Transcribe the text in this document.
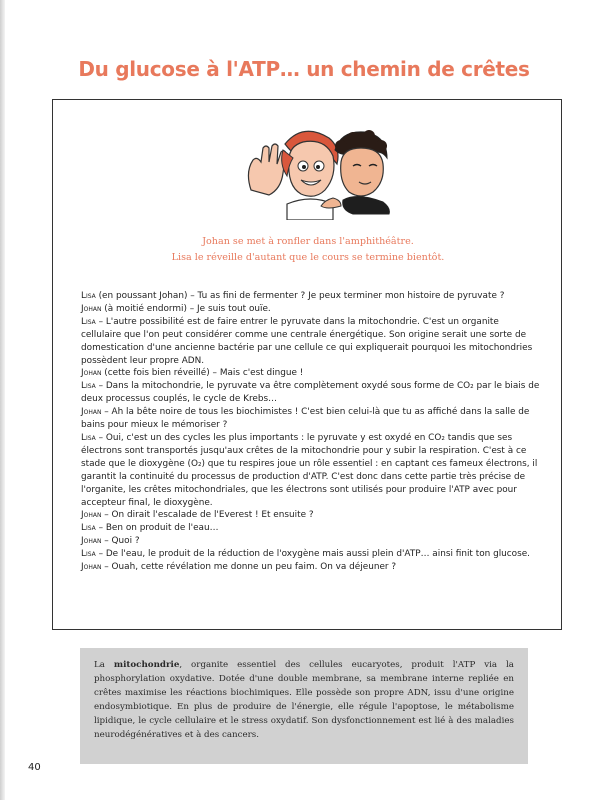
Du glucose à l'ATP… un chemin de crêtes
Johan se met à ronfler dans l'amphithéâtre.
Lisa le réveille d'autant que le cours se termine bientôt.

Lisa (en poussant Johan) – Tu as fini de fermenter ? Je peux terminer mon histoire de pyruvate ?

Johan (à moitié endormi) – Je suis tout ouïe.

Lisa – L'autre possibilité est de faire entrer le pyruvate dans la mitochondrie. C'est un organite cellulaire que l'on peut considérer comme une centrale énergétique. Son origine serait une sorte de domestication d'une ancienne bactérie par une cellule ce qui expliquerait pourquoi les mitochondries possèdent leur propre ADN.

Johan (cette fois bien réveillé) – Mais c'est dingue !

Lisa – Dans la mitochondrie, le pyruvate va être complètement oxydé sous forme de CO₂ par le biais de deux processus couplés, le cycle de Krebs…

Johan – Ah la bête noire de tous les biochimistes ! C'est bien celui-là que tu as affiché dans la salle de bains pour mieux le mémoriser ?

Lisa – Oui, c'est un des cycles les plus importants : le pyruvate y est oxydé en CO₂ tandis que ses électrons sont transportés jusqu'aux crêtes de la mitochondrie pour y subir la respiration. C'est à ce stade que le dioxygène (O₂) que tu respires joue un rôle essentiel : en captant ces fameux électrons, il garantit la continuité du processus de production d'ATP. C'est donc dans cette partie très précise de l'organite, les crêtes mitochondriales, que les électrons sont utilisés pour produire l'ATP avec pour accepteur final, le dioxygène.

Johan – On dirait l'escalade de l'Everest ! Et ensuite ?

Lisa – Ben on produit de l'eau…

Johan – Quoi ?

Lisa – De l'eau, le produit de la réduction de l'oxygène mais aussi plein d'ATP… ainsi finit ton glucose.

Johan – Ouah, cette révélation me donne un peu faim. On va déjeuner ?

La mitochondrie, organite essentiel des cellules eucaryotes, produit l'ATP via la phosphorylation oxydative. Dotée d'une double membrane, sa membrane interne repliée en crêtes maximise les réactions biochimiques. Elle possède son propre ADN, issu d'une origine endosymbiotique. En plus de produire de l'énergie, elle régule l'apoptose, le métabolisme lipidique, le cycle cellulaire et le stress oxydatif. Son dysfonctionnement est lié à des maladies neurodégénératives et à des cancers.
40
